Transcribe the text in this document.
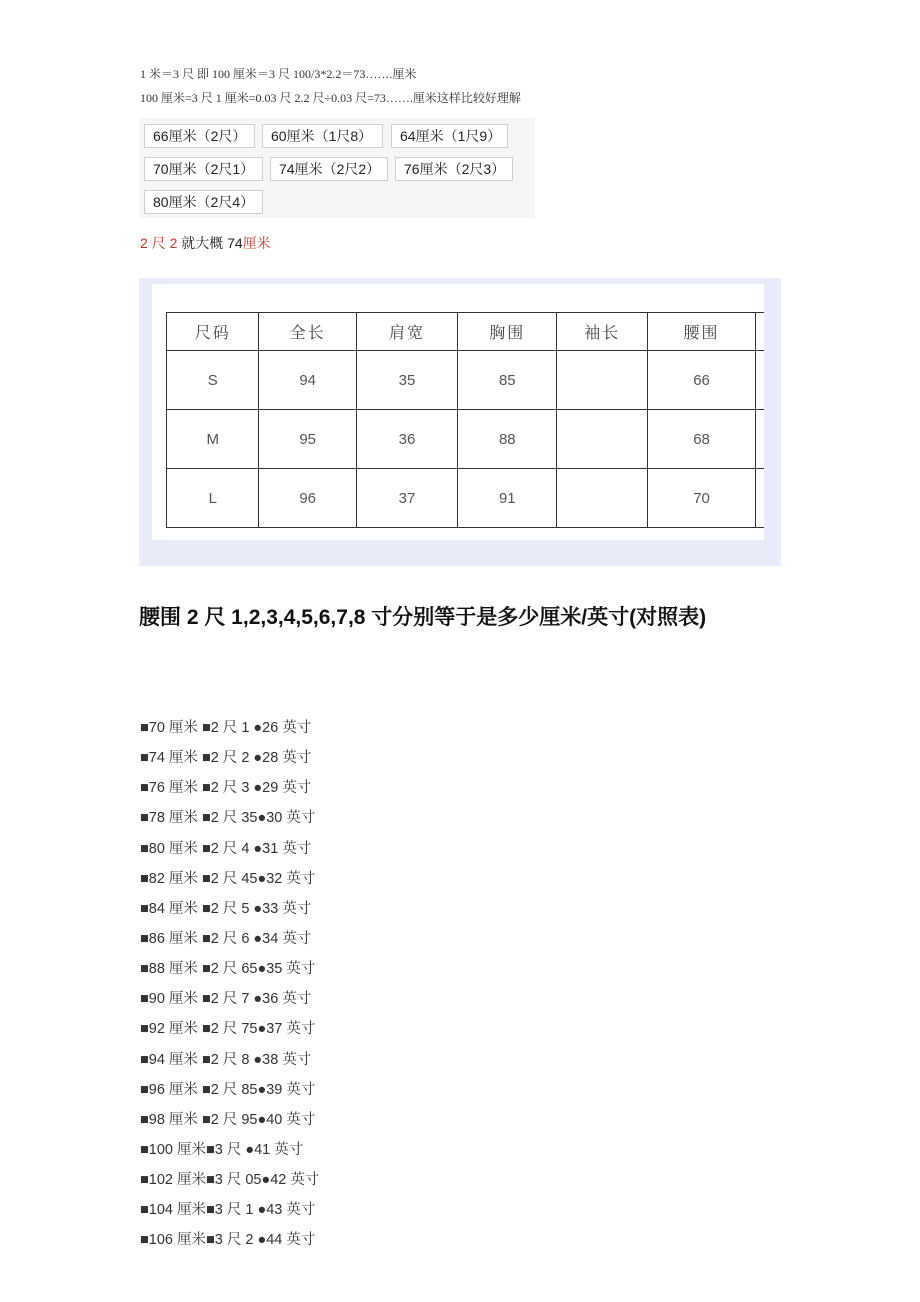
1 米＝3 尺 即 100 厘米＝3 尺 100/3*2.2＝73…….厘米
100 厘米=3 尺 1 厘米=0.03 尺 2.2 尺÷0.03 尺=73…….厘米这样比较好理解
66厘米（2尺）	60厘米（1尺8）	64厘米（1尺9）
70厘米（2尺1）	74厘米（2尺2）	76厘米（2尺3）
80厘米（2尺4）
2 尺 2 就大概 74厘米
尺码	全长	肩宽	胸围	袖长	腰围	
S	94	35	85		66	
M	95	36	88		68	
L	96	37	91		70	
腰围 2 尺 1,2,3,4,5,6,7,8 寸分别等于是多少厘米/英寸(对照表)
■70 厘米 ■2 尺 1 ●26 英寸
■74 厘米 ■2 尺 2 ●28 英寸
■76 厘米 ■2 尺 3 ●29 英寸
■78 厘米 ■2 尺 35●30 英寸
■80 厘米 ■2 尺 4 ●31 英寸
■82 厘米 ■2 尺 45●32 英寸
■84 厘米 ■2 尺 5 ●33 英寸
■86 厘米 ■2 尺 6 ●34 英寸
■88 厘米 ■2 尺 65●35 英寸
■90 厘米 ■2 尺 7 ●36 英寸
■92 厘米 ■2 尺 75●37 英寸
■94 厘米 ■2 尺 8 ●38 英寸
■96 厘米 ■2 尺 85●39 英寸
■98 厘米 ■2 尺 95●40 英寸
■100 厘米■3 尺 ●41 英寸
■102 厘米■3 尺 05●42 英寸
■104 厘米■3 尺 1 ●43 英寸
■106 厘米■3 尺 2 ●44 英寸
